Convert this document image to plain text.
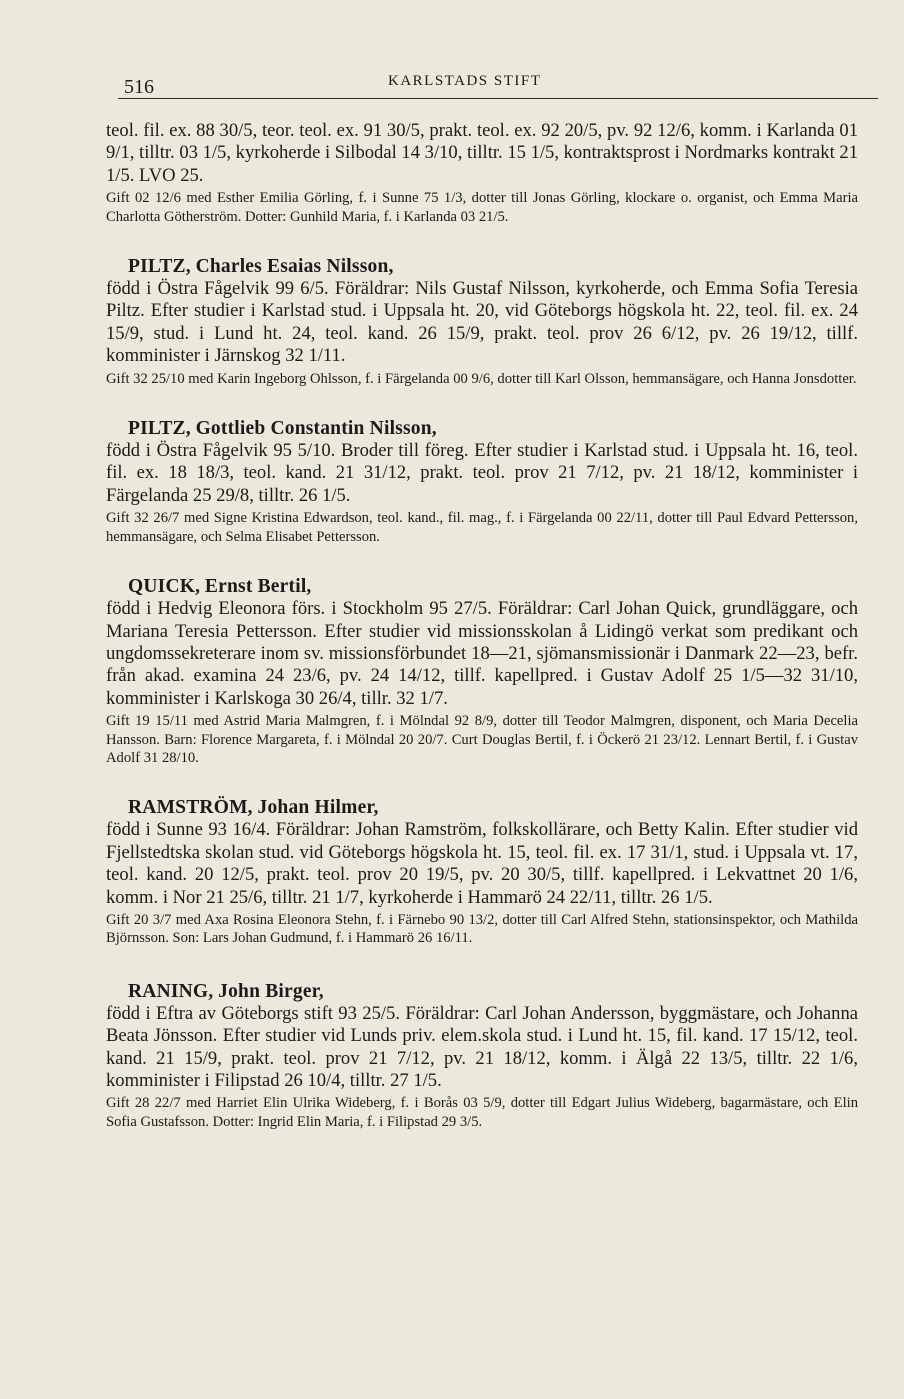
516	KARLSTADS STIFT

teol. fil. ex. 88 30/5, teor. teol. ex. 91 30/5, prakt. teol. ex. 92 20/5, pv. 92 12/6, komm. i Karlanda 01 9/1, tilltr. 03 1/5, kyrkoherde i Silbodal 14 3/10, tilltr. 15 1/5, kontraktsprost i Nordmarks kontrakt 21 1/5. LVO 25.

Gift 02 12/6 med Esther Emilia Görling, f. i Sunne 75 1/3, dotter till Jonas Görling, klockare o. organist, och Emma Maria Charlotta Götherström. Dotter: Gunhild Maria, f. i Karlanda 03 21/5.

PILTZ, Charles Esaias Nilsson,

född i Östra Fågelvik 99 6/5. Föräldrar: Nils Gustaf Nilsson, kyrkoherde, och Emma Sofia Teresia Piltz. Efter studier i Karlstad stud. i Uppsala ht. 20, vid Göteborgs högskola ht. 22, teol. fil. ex. 24 15/9, stud. i Lund ht. 24, teol. kand. 26 15/9, prakt. teol. prov 26 6/12, pv. 26 19/12, tillf. komminister i Järnskog 32 1/11.

Gift 32 25/10 med Karin Ingeborg Ohlsson, f. i Färgelanda 00 9/6, dotter till Karl Olsson, hemmansägare, och Hanna Jonsdotter.

PILTZ, Gottlieb Constantin Nilsson,

född i Östra Fågelvik 95 5/10. Broder till föreg. Efter studier i Karlstad stud. i Uppsala ht. 16, teol. fil. ex. 18 18/3, teol. kand. 21 31/12, prakt. teol. prov 21 7/12, pv. 21 18/12, komminister i Färgelanda 25 29/8, tilltr. 26 1/5.

Gift 32 26/7 med Signe Kristina Edwardson, teol. kand., fil. mag., f. i Färgelanda 00 22/11, dotter till Paul Edvard Pettersson, hemmansägare, och Selma Elisabet Pettersson.

QUICK, Ernst Bertil,

född i Hedvig Eleonora förs. i Stockholm 95 27/5. Föräldrar: Carl Johan Quick, grundläggare, och Mariana Teresia Pettersson. Efter studier vid missionsskolan å Lidingö verkat som predikant och ungdomssekreterare inom sv. missionsförbundet 18—21, sjömansmissionär i Danmark 22—23, befr. från akad. examina 24 23/6, pv. 24 14/12, tillf. kapellpred. i Gustav Adolf 25 1/5—32 31/10, komminister i Karlskoga 30 26/4, tillr. 32 1/7.

Gift 19 15/11 med Astrid Maria Malmgren, f. i Mölndal 92 8/9, dotter till Teodor Malmgren, disponent, och Maria Decelia Hansson. Barn: Florence Margareta, f. i Mölndal 20 20/7. Curt Douglas Bertil, f. i Öckerö 21 23/12. Lennart Bertil, f. i Gustav Adolf 31 28/10.

RAMSTRÖM, Johan Hilmer,

född i Sunne 93 16/4. Föräldrar: Johan Ramström, folkskollärare, och Betty Kalin. Efter studier vid Fjellstedtska skolan stud. vid Göteborgs högskola ht. 15, teol. fil. ex. 17 31/1, stud. i Uppsala vt. 17, teol. kand. 20 12/5, prakt. teol. prov 20 19/5, pv. 20 30/5, tillf. kapellpred. i Lekvattnet 20 1/6, komm. i Nor 21 25/6, tilltr. 21 1/7, kyrkoherde i Hammarö 24 22/11, tilltr. 26 1/5.

Gift 20 3/7 med Axa Rosina Eleonora Stehn, f. i Färnebo 90 13/2, dotter till Carl Alfred Stehn, stationsinspektor, och Mathilda Björnsson. Son: Lars Johan Gudmund, f. i Hammarö 26 16/11.

RANING, John Birger,

född i Eftra av Göteborgs stift 93 25/5. Föräldrar: Carl Johan Andersson, byggmästare, och Johanna Beata Jönsson. Efter studier vid Lunds priv. elem.skola stud. i Lund ht. 15, fil. kand. 17 15/12, teol. kand. 21 15/9, prakt. teol. prov 21 7/12, pv. 21 18/12, komm. i Älgå 22 13/5, tilltr. 22 1/6, komminister i Filipstad 26 10/4, tilltr. 27 1/5.

Gift 28 22/7 med Harriet Elin Ulrika Wideberg, f. i Borås 03 5/9, dotter till Edgart Julius Wideberg, bagarmästare, och Elin Sofia Gustafsson. Dotter: Ingrid Elin Maria, f. i Filipstad 29 3/5.
